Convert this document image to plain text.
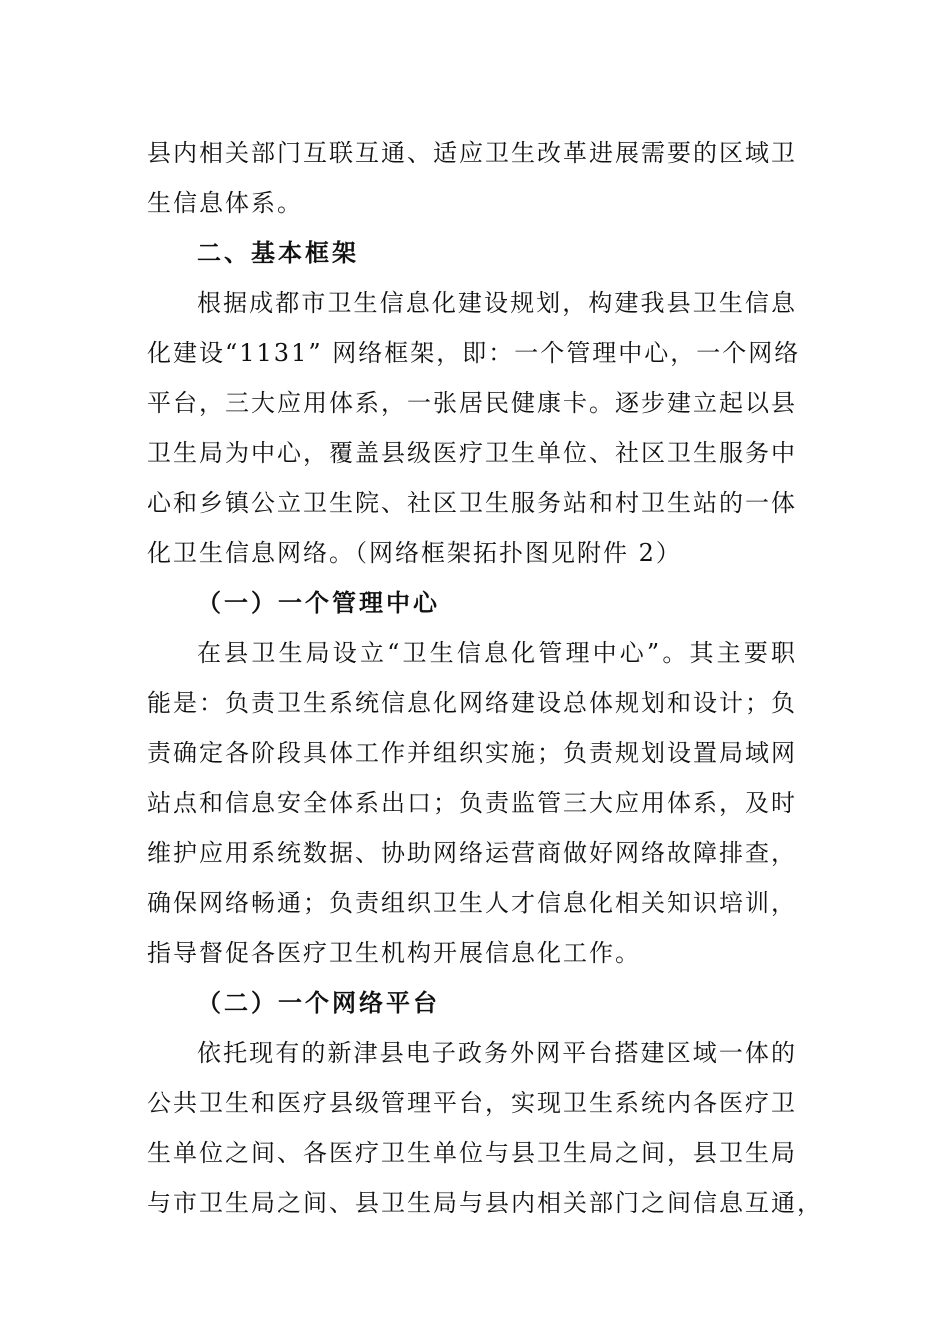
县内相关部门互联互通、适应卫生改革进展需要的区域卫
生信息体系。
二、基本框架
根据成都市卫生信息化建设规划，构建我县卫生信息
化建设“1131” 网络框架，即：一个管理中心，一个网络
平台，三大应用体系，一张居民健康卡。逐步建立起以县
卫生局为中心，覆盖县级医疗卫生单位、社区卫生服务中
心和乡镇公立卫生院、社区卫生服务站和村卫生站的一体
化卫生信息网络。（网络框架拓扑图见附件 2）
（一）一个管理中心
在县卫生局设立“卫生信息化管理中心”。其主要职
能是：负责卫生系统信息化网络建设总体规划和设计；负
责确定各阶段具体工作并组织实施；负责规划设置局域网
站点和信息安全体系出口；负责监管三大应用体系，及时
维护应用系统数据、协助网络运营商做好网络故障排查，
确保网络畅通；负责组织卫生人才信息化相关知识培训，
指导督促各医疗卫生机构开展信息化工作。
（二）一个网络平台
依托现有的新津县电子政务外网平台搭建区域一体的
公共卫生和医疗县级管理平台，实现卫生系统内各医疗卫
生单位之间、各医疗卫生单位与县卫生局之间，县卫生局
与市卫生局之间、县卫生局与县内相关部门之间信息互通，
